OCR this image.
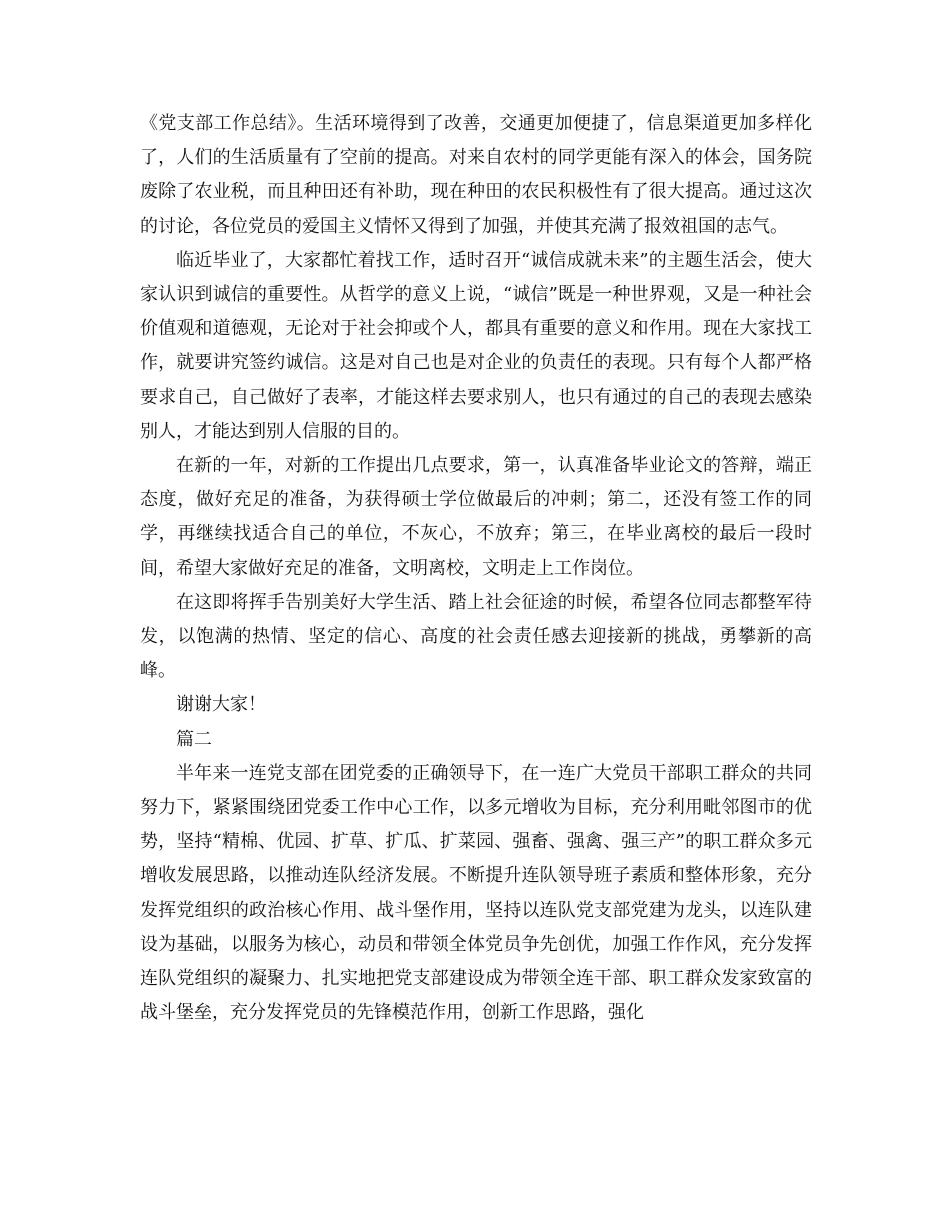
《党支部工作总结》。生活环境得到了改善，交通更加便捷了，信息渠道更加多样化了，人们的生活质量有了空前的提高。对来自农村的同学更能有深入的体会，国务院废除了农业税，而且种田还有补助，现在种田的农民积极性有了很大提高。通过这次的讨论，各位党员的爱国主义情怀又得到了加强，并使其充满了报效祖国的志气。

临近毕业了，大家都忙着找工作，适时召开“诚信成就未来”的主题生活会，使大家认识到诚信的重要性。从哲学的意义上说，“诚信”既是一种世界观，又是一种社会价值观和道德观，无论对于社会抑或个人，都具有重要的意义和作用。现在大家找工作，就要讲究签约诚信。这是对自己也是对企业的负责任的表现。只有每个人都严格要求自己，自己做好了表率，才能这样去要求别人，也只有通过的自己的表现去感染别人，才能达到别人信服的目的。

在新的一年，对新的工作提出几点要求，第一，认真准备毕业论文的答辩，端正态度，做好充足的准备，为获得硕士学位做最后的冲刺；第二，还没有签工作的同学，再继续找适合自己的单位，不灰心，不放弃；第三，在毕业离校的最后一段时间，希望大家做好充足的准备，文明离校，文明走上工作岗位。

在这即将挥手告别美好大学生活、踏上社会征途的时候，希望各位同志都整军待发，以饱满的热情、坚定的信心、高度的社会责任感去迎接新的挑战，勇攀新的高峰。

谢谢大家！

篇二

半年来一连党支部在团党委的正确领导下，在一连广大党员干部职工群众的共同努力下，紧紧围绕团党委工作中心工作，以多元增收为目标，充分利用毗邻图市的优势，坚持“精棉、优园、扩草、扩瓜、扩菜园、强畜、强禽、强三产”的职工群众多元增收发展思路，以推动连队经济发展。不断提升连队领导班子素质和整体形象，充分发挥党组织的政治核心作用、战斗堡作用，坚持以连队党支部党建为龙头，以连队建设为基础，以服务为核心，动员和带领全体党员争先创优，加强工作作风，充分发挥连队党组织的凝聚力、扎实地把党支部建设成为带领全连干部、职工群众发家致富的战斗堡垒，充分发挥党员的先锋模范作用，创新工作思路，强化
